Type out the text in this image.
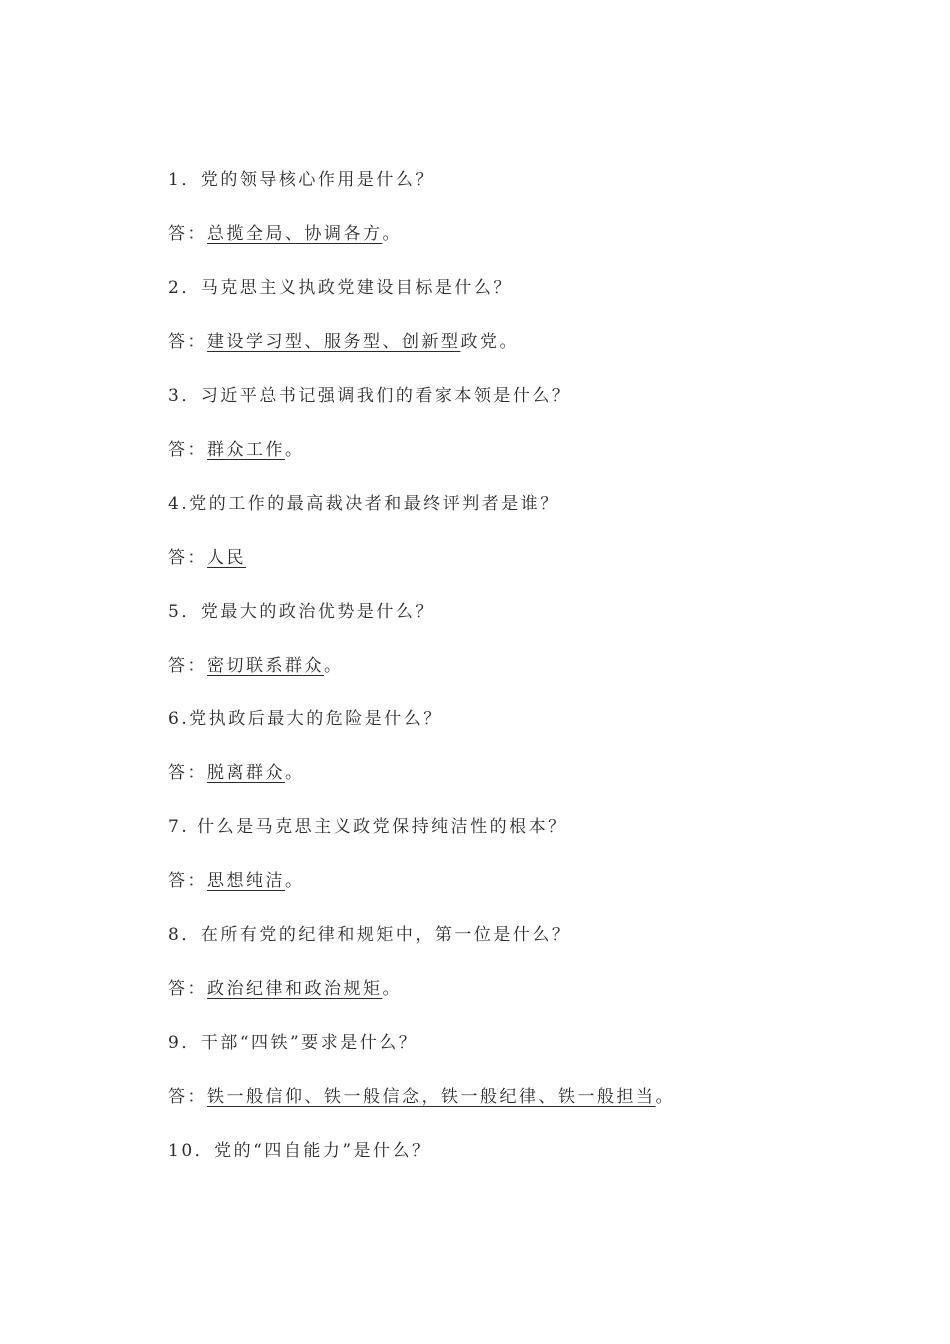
1．党的领导核心作用是什么？
答：总揽全局、协调各方。
2．马克思主义执政党建设目标是什么？
答：建设学习型、服务型、创新型政党。
3．习近平总书记强调我们的看家本领是什么？
答：群众工作。
4.党的工作的最高裁决者和最终评判者是谁？
答：人民
5．党最大的政治优势是什么？
答：密切联系群众。
6.党执政后最大的危险是什么？
答：脱离群众。
7. 什么是马克思主义政党保持纯洁性的根本？
答：思想纯洁。
8．在所有党的纪律和规矩中，第一位是什么？
答：政治纪律和政治规矩。
9．干部“四铁”要求是什么？
答：铁一般信仰、铁一般信念，铁一般纪律、铁一般担当。
10．党的“四自能力”是什么？
